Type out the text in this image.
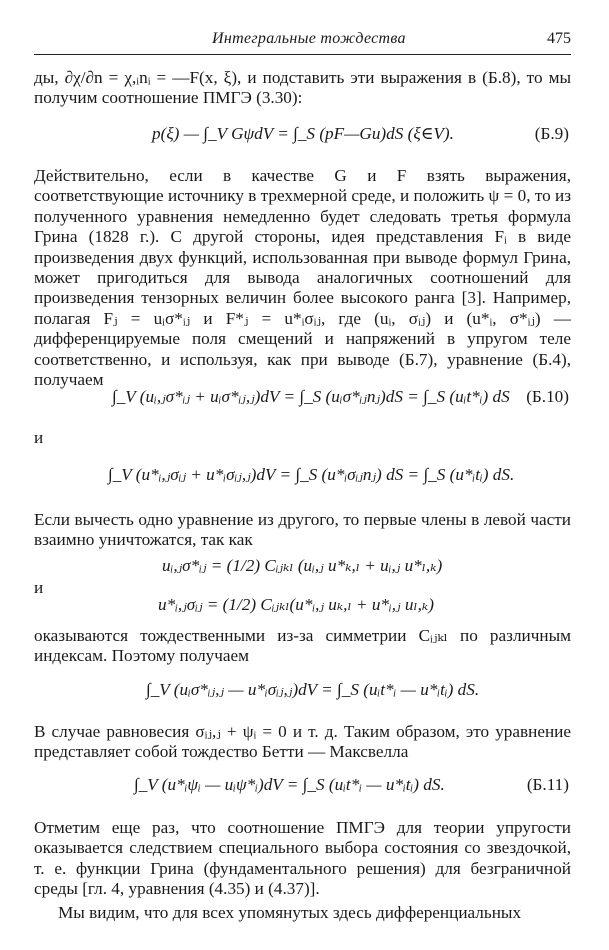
Интегральные тождества	475

ды, ∂χ/∂n = χ,ᵢnᵢ = —F(x, ξ), и подставить эти выражения в (Б.8), то мы получим соотношение ПМГЭ (3.30):

p(ξ) — ∫_V GψdV = ∫_S (pF—Gu)dS (ξ∈V).	(Б.9)

Действительно, если в качестве G и F взять выражения, соответствующие источнику в трехмерной среде, и положить ψ = 0, то из полученного уравнения немедленно будет следовать третья формула Грина (1828 г.). С другой стороны, идея представления Fᵢ в виде произведения двух функций, использованная при выводе формул Грина, может пригодиться для вывода аналогичных соотношений для произведения тензорных величин более высокого ранга [3]. Например, полагая Fⱼ = uᵢσ*ᵢⱼ и F*ⱼ = u*ᵢσᵢⱼ, где (uᵢ, σᵢⱼ) и (u*ᵢ, σ*ᵢⱼ) — дифференцируемые поля смещений и напряжений в упругом теле соответственно, и используя, как при выводе (Б.7), уравнение (Б.4), получаем

∫_V (uᵢ,ⱼσ*ᵢⱼ + uᵢσ*ᵢⱼ,ⱼ)dV = ∫_S (uᵢσ*ᵢⱼnⱼ)dS = ∫_S (uᵢt*ᵢ) dS (Б.10)
и
∫_V (u*ᵢ,ⱼσᵢⱼ + u*ᵢσᵢⱼ,ⱼ)dV = ∫_S (u*ᵢσᵢⱼnⱼ) dS = ∫_S (u*ᵢtᵢ) dS.

Если вычесть одно уравнение из другого, то первые члены в левой части взаимно уничтожатся, так как

uᵢ,ⱼσ*ᵢⱼ = (1/2) Cᵢⱼₖₗ (uᵢ,ⱼ u*ₖ,ₗ + uᵢ,ⱼ u*ₗ,ₖ)
и
u*ᵢ,ⱼσᵢⱼ = (1/2) Cᵢⱼₖₗ(u*ᵢ,ⱼ uₖ,ₗ + u*ᵢ,ⱼ uₗ,ₖ)

оказываются тождественными из-за симметрии Cᵢⱼₖₗ по различным индексам. Поэтому получаем

∫_V (uᵢσ*ᵢⱼ,ⱼ — u*ᵢσᵢⱼ,ⱼ)dV = ∫_S (uᵢt*ᵢ — u*ᵢtᵢ) dS.

В случае равновесия σᵢⱼ,ⱼ + ψᵢ = 0 и т. д. Таким образом, это уравнение представляет собой тождество Бетти — Максвелла

∫_V (u*ᵢψᵢ — uᵢψ*ᵢ)dV = ∫_S (uᵢt*ᵢ — u*ᵢtᵢ) dS.	(Б.11)

Отметим еще раз, что соотношение ПМГЭ для теории упругости оказывается следствием специального выбора состояния со звездочкой, т. е. функции Грина (фундаментального решения) для безграничной среды [гл. 4, уравнения (4.35) и (4.37)].

Мы видим, что для всех упомянутых здесь дифференциальных
